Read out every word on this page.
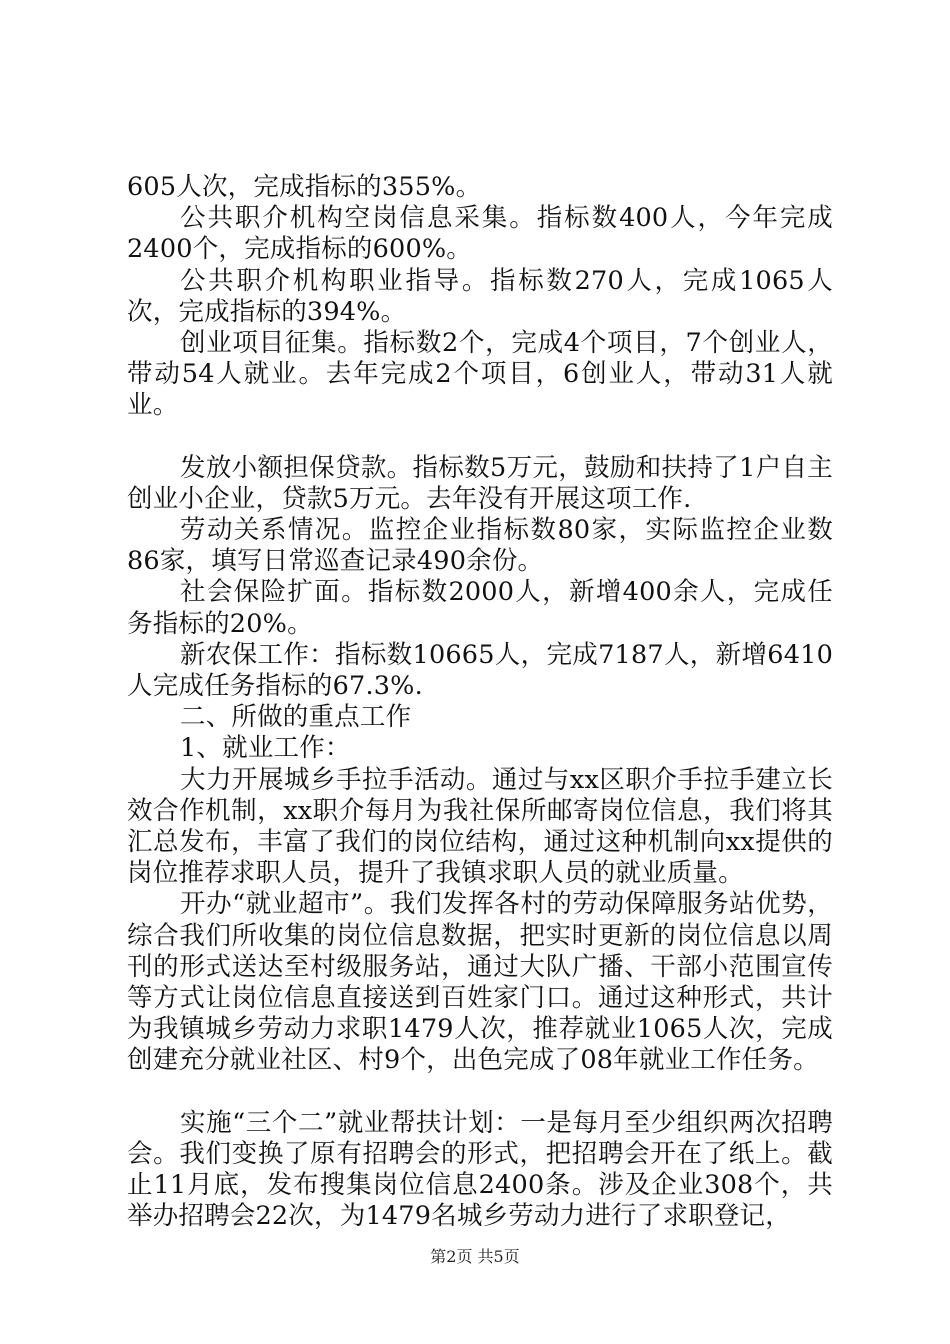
605人次，完成指标的355%。

公共职介机构空岗信息采集。指标数400人，今年完成2400个，完成指标的600%。

公共职介机构职业指导。指标数270人，完成1065人次，完成指标的394%。

创业项目征集。指标数2个，完成4个项目，7个创业人，带动54人就业。去年完成2个项目，6创业人，带动31人就业。

发放小额担保贷款。指标数5万元，鼓励和扶持了1户自主创业小企业，贷款5万元。去年没有开展这项工作.

劳动关系情况。监控企业指标数80家，实际监控企业数86家，填写日常巡查记录490余份。

社会保险扩面。指标数2000人，新增400余人，完成任务指标的20%。

新农保工作：指标数10665人，完成7187人，新增6410人完成任务指标的67.3%.

二、所做的重点工作

1、就业工作：

大力开展城乡手拉手活动。通过与xx区职介手拉手建立长效合作机制，xx职介每月为我社保所邮寄岗位信息，我们将其汇总发布，丰富了我们的岗位结构，通过这种机制向xx提供的岗位推荐求职人员，提升了我镇求职人员的就业质量。

开办“就业超市”。我们发挥各村的劳动保障服务站优势，综合我们所收集的岗位信息数据，把实时更新的岗位信息以周刊的形式送达至村级服务站，通过大队广播、干部小范围宣传等方式让岗位信息直接送到百姓家门口。通过这种形式，共计为我镇城乡劳动力求职1479人次，推荐就业1065人次，完成创建充分就业社区、村9个，出色完成了08年就业工作任务。

实施“三个二”就业帮扶计划：一是每月至少组织两次招聘会。我们变换了原有招聘会的形式，把招聘会开在了纸上。截止11月底，发布搜集岗位信息2400条。涉及企业308个，共举办招聘会22次，为1479名城乡劳动力进行了求职登记，

第2页 共5页
